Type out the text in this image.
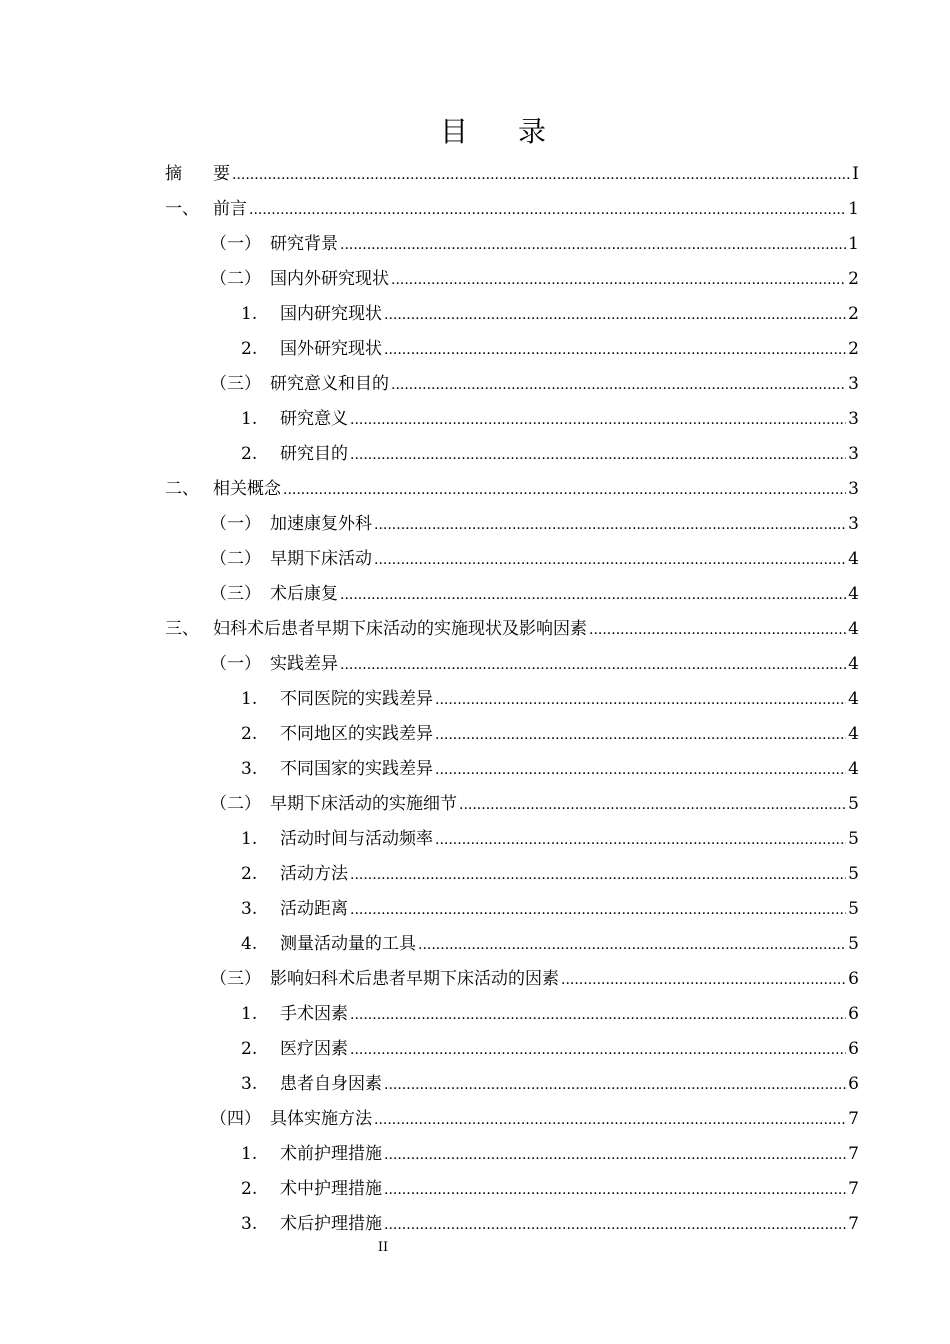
目 录
摘	要 .....	I
一、 前言 .....	1
（一） 研究背景 .....	1
（二） 国内外研究现状 .....	2
1.	国内研究现状 .....	2
2.	国外研究现状 .....	2
（三） 研究意义和目的 .....	3
1.	研究意义 .....	3
2.	研究目的 .....	3
二、 相关概念 .....	3
（一） 加速康复外科 .....	3
（二） 早期下床活动 .....	4
（三） 术后康复 .....	4
三、 妇科术后患者早期下床活动的实施现状及影响因素 .....	4
（一） 实践差异 .....	4
1.	不同医院的实践差异 .....	4
2.	不同地区的实践差异 .....	4
3.	不同国家的实践差异 .....	4
（二） 早期下床活动的实施细节 .....	5
1.	活动时间与活动频率 .....	5
2.	活动方法 .....	5
3.	活动距离 .....	5
4.	测量活动量的工具 .....	5
（三） 影响妇科术后患者早期下床活动的因素 .....	6
1.	手术因素 .....	6
2.	医疗因素 .....	6
3.	患者自身因素 .....	6
（四） 具体实施方法 .....	7
1.	术前护理措施 .....	7
2.	术中护理措施 .....	7
3.	术后护理措施 .....	7
II
